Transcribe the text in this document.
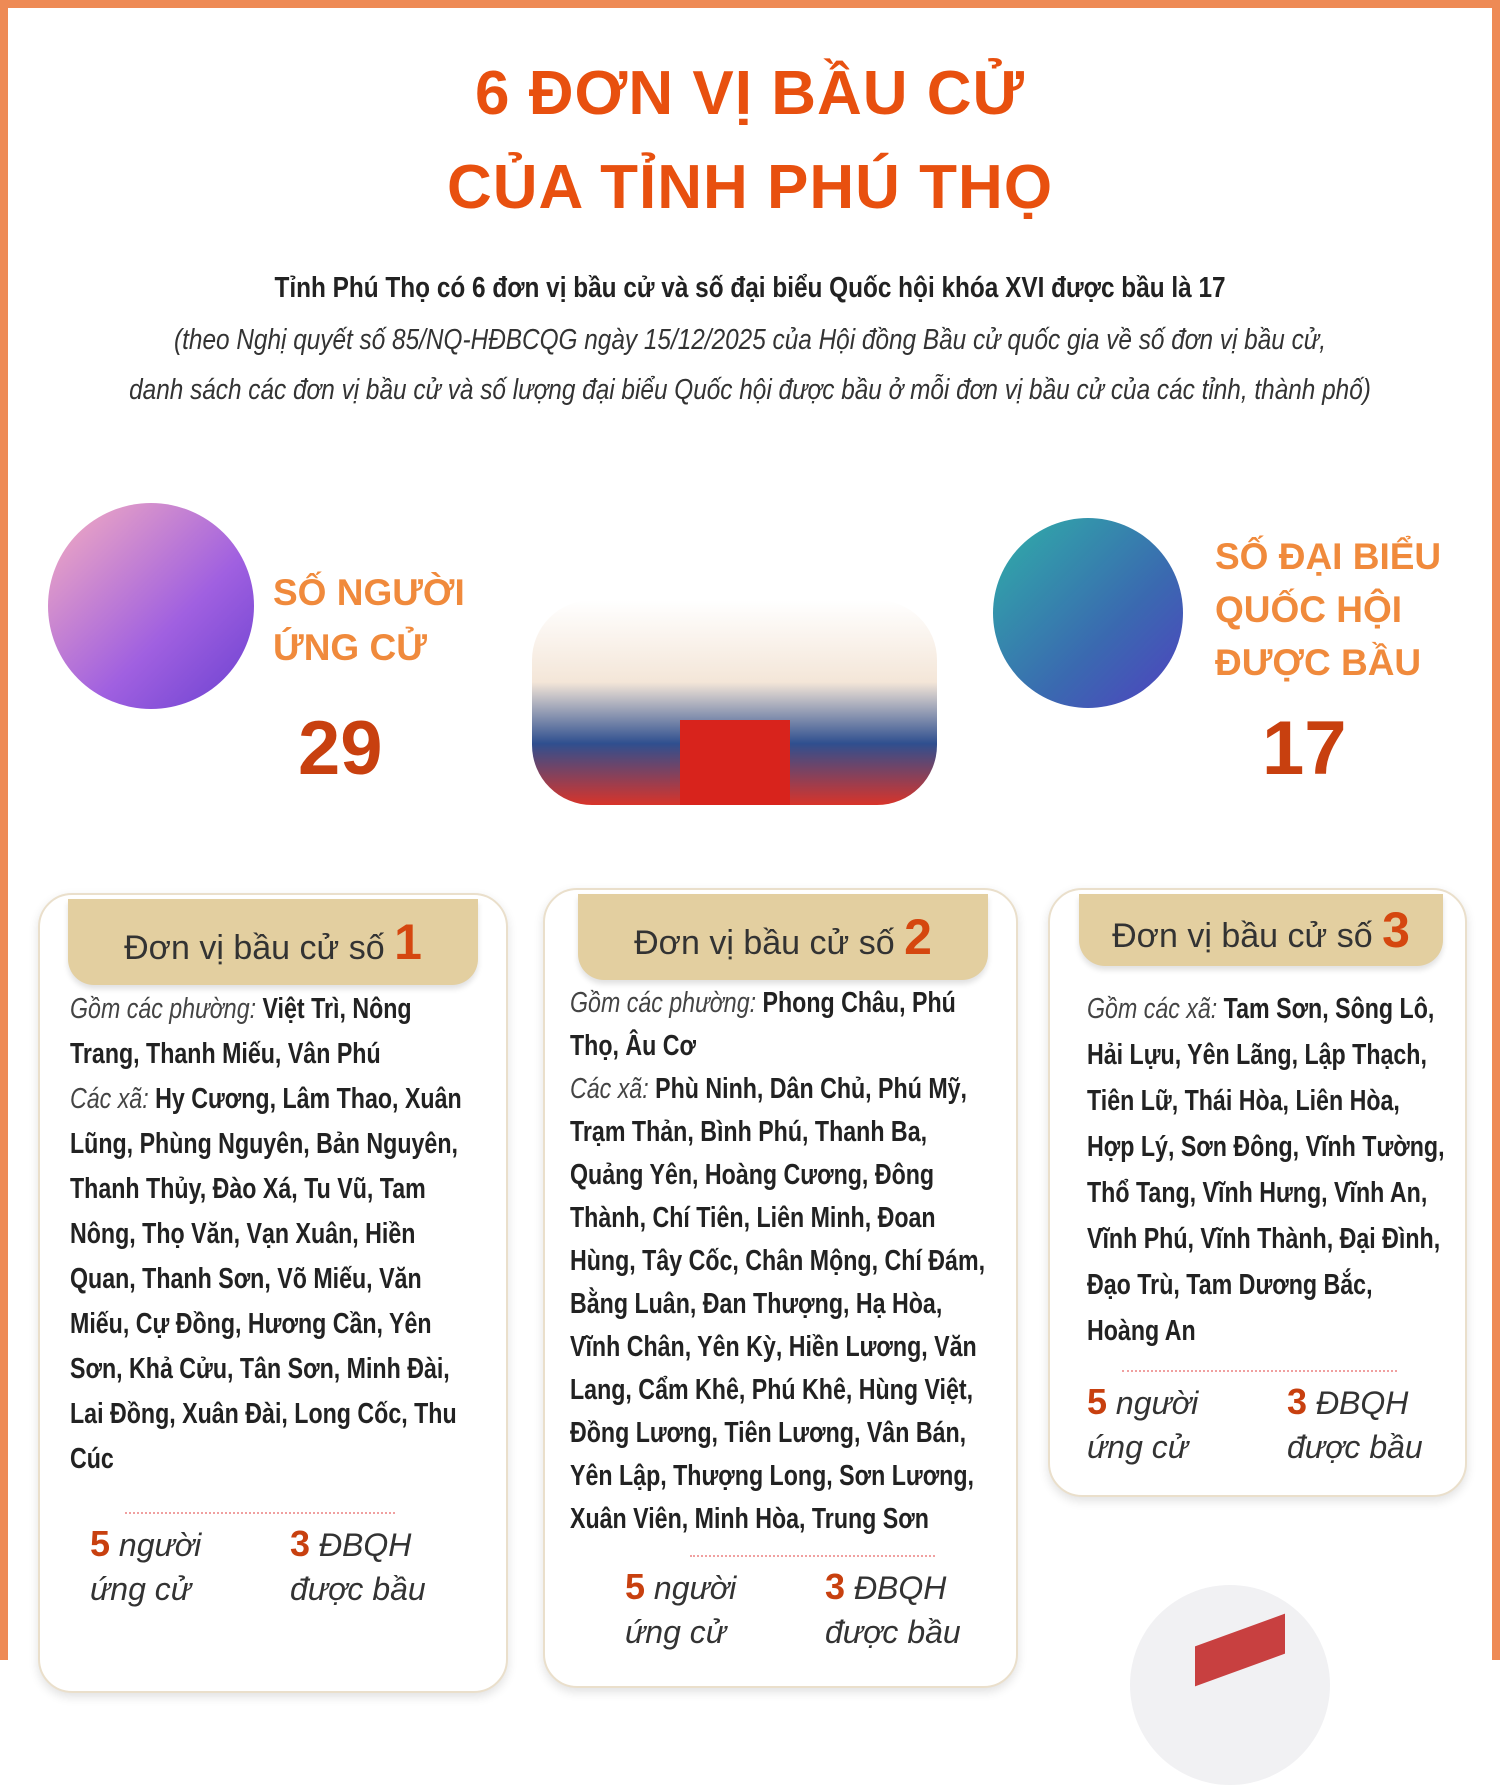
6 ĐƠN VỊ BẦU CỬ
CỦA TỈNH PHÚ THỌ
Tỉnh Phú Thọ có 6 đơn vị bầu cử và số đại biểu Quốc hội khóa XVI được bầu là 17
(theo Nghị quyết số 85/NQ-HĐBCQG ngày 15/12/2025 của Hội đồng Bầu cử quốc gia về số đơn vị bầu cử,
danh sách các đơn vị bầu cử và số lượng đại biểu Quốc hội được bầu ở mỗi đơn vị bầu cử của các tỉnh, thành phố)
SỐ NGƯỜI
ỨNG CỬ
29
SỐ ĐẠI BIỂU
QUỐC HỘI
ĐƯỢC BẦU
17
Đơn vị bầu cử số 1
Gồm các phường: Việt Trì, Nông Trang, Thanh Miếu, Vân Phú
Các xã: Hy Cương, Lâm Thao, Xuân Lũng, Phùng Nguyên, Bản Nguyên, Thanh Thủy, Đào Xá, Tu Vũ, Tam Nông, Thọ Văn, Vạn Xuân, Hiền Quan, Thanh Sơn, Võ Miếu, Văn Miếu, Cự Đồng, Hương Cần, Yên Sơn, Khả Cửu, Tân Sơn, Minh Đài, Lai Đồng, Xuân Đài, Long Cốc, Thu Cúc
5 người ứng cử
3 ĐBQH được bầu
Đơn vị bầu cử số 2
Gồm các phường: Phong Châu, Phú Thọ, Âu Cơ
Các xã: Phù Ninh, Dân Chủ, Phú Mỹ, Trạm Thản, Bình Phú, Thanh Ba, Quảng Yên, Hoàng Cương, Đông Thành, Chí Tiên, Liên Minh, Đoan Hùng, Tây Cốc, Chân Mộng, Chí Đám, Bằng Luân, Đan Thượng, Hạ Hòa, Vĩnh Chân, Yên Kỳ, Hiền Lương, Văn Lang, Cẩm Khê, Phú Khê, Hùng Việt, Đồng Lương, Tiên Lương, Vân Bán, Yên Lập, Thượng Long, Sơn Lương, Xuân Viên, Minh Hòa, Trung Sơn
5 người ứng cử
3 ĐBQH được bầu
Đơn vị bầu cử số 3
Gồm các xã: Tam Sơn, Sông Lô, Hải Lựu, Yên Lãng, Lập Thạch, Tiên Lữ, Thái Hòa, Liên Hòa, Hợp Lý, Sơn Đông, Vĩnh Tường, Thổ Tang, Vĩnh Hưng, Vĩnh An, Vĩnh Phú, Vĩnh Thành, Đại Đình, Đạo Trù, Tam Dương Bắc, Hoàng An
5 người ứng cử
3 ĐBQH được bầu
